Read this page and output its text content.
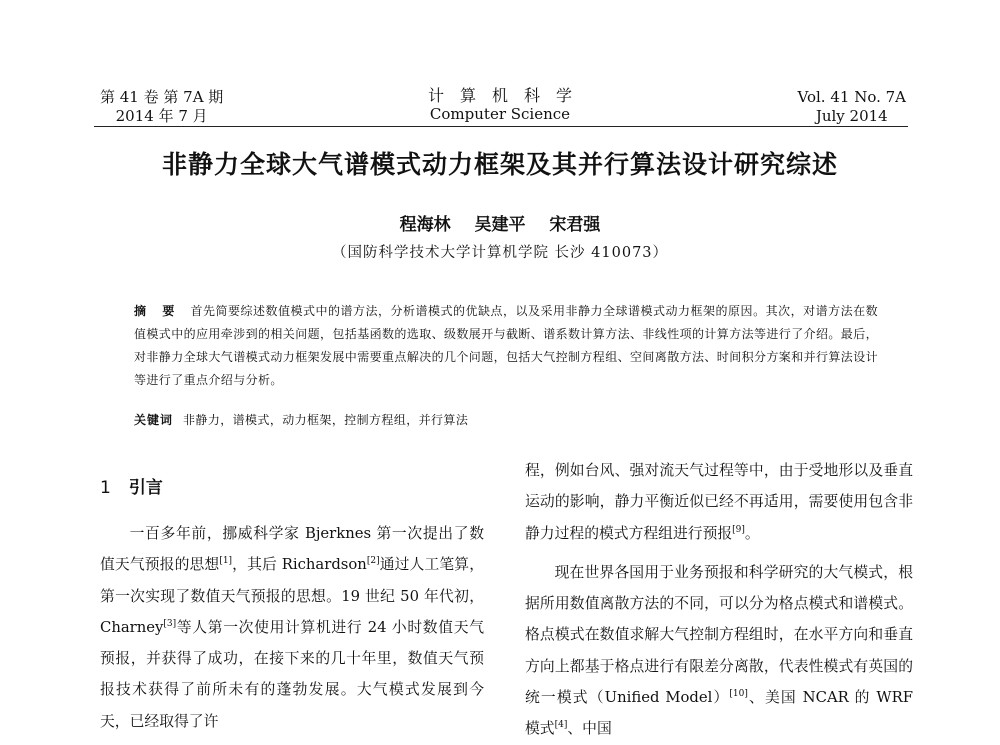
第 41 卷 第 7A 期
2014 年 7 月
计算机科学
Computer Science
Vol. 41 No. 7A
July 2014
非静力全球大气谱模式动力框架及其并行算法设计研究综述
程海林 吴建平 宋君强
（国防科学技术大学计算机学院 长沙 410073）
摘 要 首先简要综述数值模式中的谱方法，分析谱模式的优缺点，以及采用非静力全球谱模式动力框架的原因。其次，对谱方法在数值模式中的应用牵涉到的相关问题，包括基函数的选取、级数展开与截断、谱系数计算方法、非线性项的计算方法等进行了介绍。最后，对非静力全球大气谱模式动力框架发展中需要重点解决的几个问题，包括大气控制方程组、空间离散方法、时间积分方案和并行算法设计等进行了重点介绍与分析。
关键词 非静力，谱模式，动力框架，控制方程组，并行算法
1 引言

一百多年前，挪威科学家 Bjerknes 第一次提出了数值天气预报的思想[1]，其后 Richardson[2]通过人工笔算，第一次实现了数值天气预报的思想。19 世纪 50 年代初，Charney[3]等人第一次使用计算机进行 24 小时数值天气预报，并获得了成功，在接下来的几十年里，数值天气预报技术获得了前所未有的蓬勃发展。大气模式发展到今天，已经取得了许

程，例如台风、强对流天气过程等中，由于受地形以及垂直运动的影响，静力平衡近似已经不再适用，需要使用包含非静力过程的模式方程组进行预报[9]。

现在世界各国用于业务预报和科学研究的大气模式，根据所用数值离散方法的不同，可以分为格点模式和谱模式。格点模式在数值求解大气控制方程组时，在水平方向和垂直方向上都基于格点进行有限差分离散，代表性模式有英国的统一模式（Unified Model）[10]、美国 NCAR 的 WRF 模式[4]、中国
